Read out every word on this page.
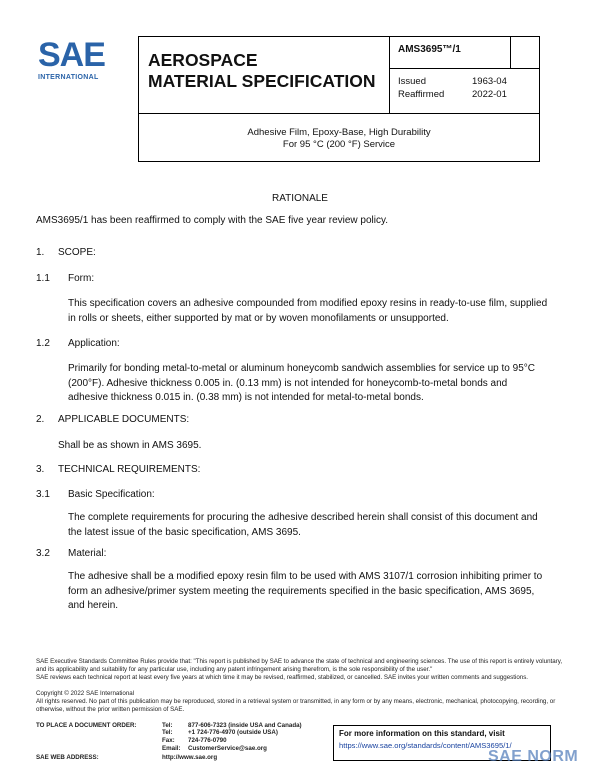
SAE
INTERNATIONAL
AEROSPACE
MATERIAL SPECIFICATION
AMS3695™/1
Issued	1963-04
Reaffirmed	2022-01
Adhesive Film, Epoxy-Base, High Durability
For 95 °C (200 °F) Service
RATIONALE
AMS3695/1 has been reaffirmed to comply with the SAE five year review policy.
1. SCOPE:
1.1 Form:
This specification covers an adhesive compounded from modified epoxy resins in ready-to-use film, supplied in rolls or sheets, either supported by mat or by woven monofilaments or unsupported.
1.2 Application:
Primarily for bonding metal-to-metal or aluminum honeycomb sandwich assemblies for service up to 95°C (200°F). Adhesive thickness 0.005 in. (0.13 mm) is not intended for honeycomb-to-metal bonds and adhesive thickness 0.015 in. (0.38 mm) is not intended for metal-to-metal bonds.
2. APPLICABLE DOCUMENTS:
Shall be as shown in AMS 3695.
3. TECHNICAL REQUIREMENTS:
3.1 Basic Specification:
The complete requirements for procuring the adhesive described herein shall consist of this document and the latest issue of the basic specification, AMS 3695.
3.2 Material:
The adhesive shall be a modified epoxy resin film to be used with AMS 3107/1 corrosion inhibiting primer to form an adhesive/primer system meeting the requirements specified in the basic specification, AMS 3695, and herein.
SAE Executive Standards Committee Rules provide that: "This report is published by SAE to advance the state of technical and engineering sciences. The use of this report is entirely voluntary, and its applicability and suitability for any particular use, including any patent infringement arising therefrom, is the sole responsibility of the user."
SAE reviews each technical report at least every five years at which time it may be revised, reaffirmed, stabilized, or cancelled. SAE invites your written comments and suggestions.
Copyright © 2022 SAE International
All rights reserved. No part of this publication may be reproduced, stored in a retrieval system or transmitted, in any form or by any means, electronic, mechanical, photocopying, recording, or otherwise, without the prior written permission of SAE.
TO PLACE A DOCUMENT ORDER:	Tel:	877-606-7323 (inside USA and Canada)
Tel:	+1 724-776-4970 (outside USA)
Fax:	724-776-0790
Email:	CustomerService@sae.org
SAE WEB ADDRESS:	http://www.sae.org
For more information on this standard, visit
https://www.sae.org/standards/content/AMS3695/1/
SAE NORM
